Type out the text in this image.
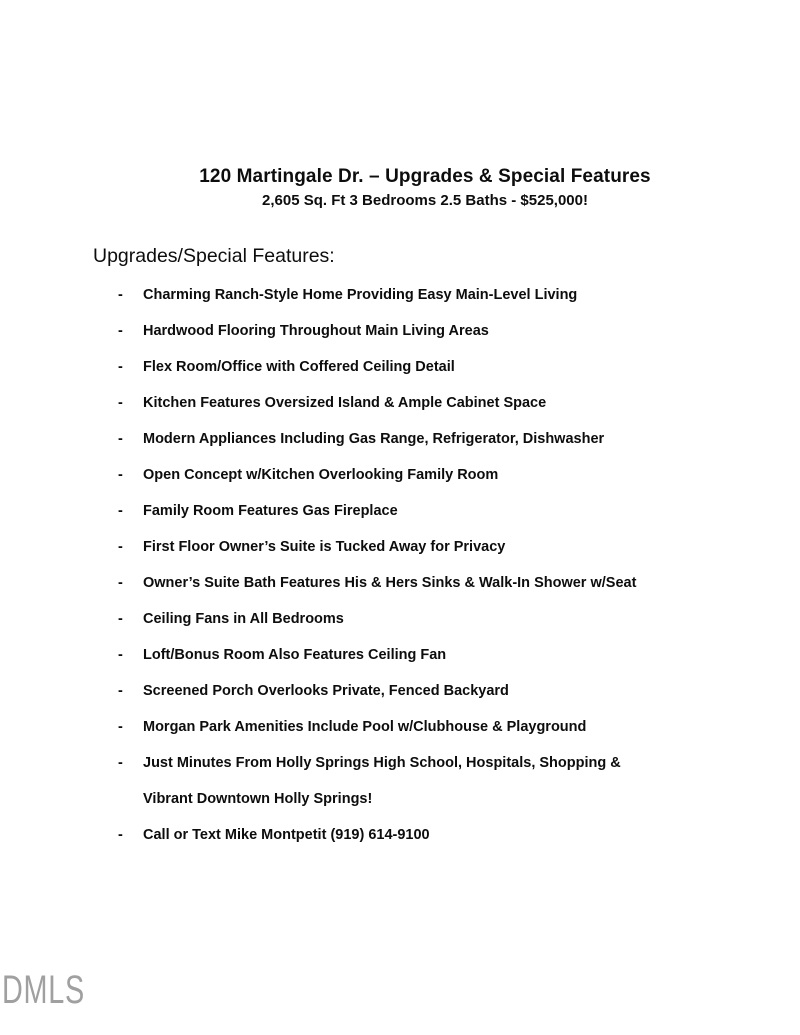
120 Martingale Dr. – Upgrades & Special Features
2,605 Sq. Ft 3 Bedrooms 2.5 Baths - $525,000!
Upgrades/Special Features:
-	Charming Ranch-Style Home Providing Easy Main-Level Living
-	Hardwood Flooring Throughout Main Living Areas
-	Flex Room/Office with Coffered Ceiling Detail
-	Kitchen Features Oversized Island & Ample Cabinet Space
-	Modern Appliances Including Gas Range, Refrigerator, Dishwasher
-	Open Concept w/Kitchen Overlooking Family Room
-	Family Room Features Gas Fireplace
-	First Floor Owner’s Suite is Tucked Away for Privacy
-	Owner’s Suite Bath Features His & Hers Sinks & Walk-In Shower w/Seat
-	Ceiling Fans in All Bedrooms
-	Loft/Bonus Room Also Features Ceiling Fan
-	Screened Porch Overlooks Private, Fenced Backyard
-	Morgan Park Amenities Include Pool w/Clubhouse & Playground
-	Just Minutes From Holly Springs High School, Hospitals, Shopping &
Vibrant Downtown Holly Springs!
-	Call or Text Mike Montpetit (919) 614-9100
DMLS
